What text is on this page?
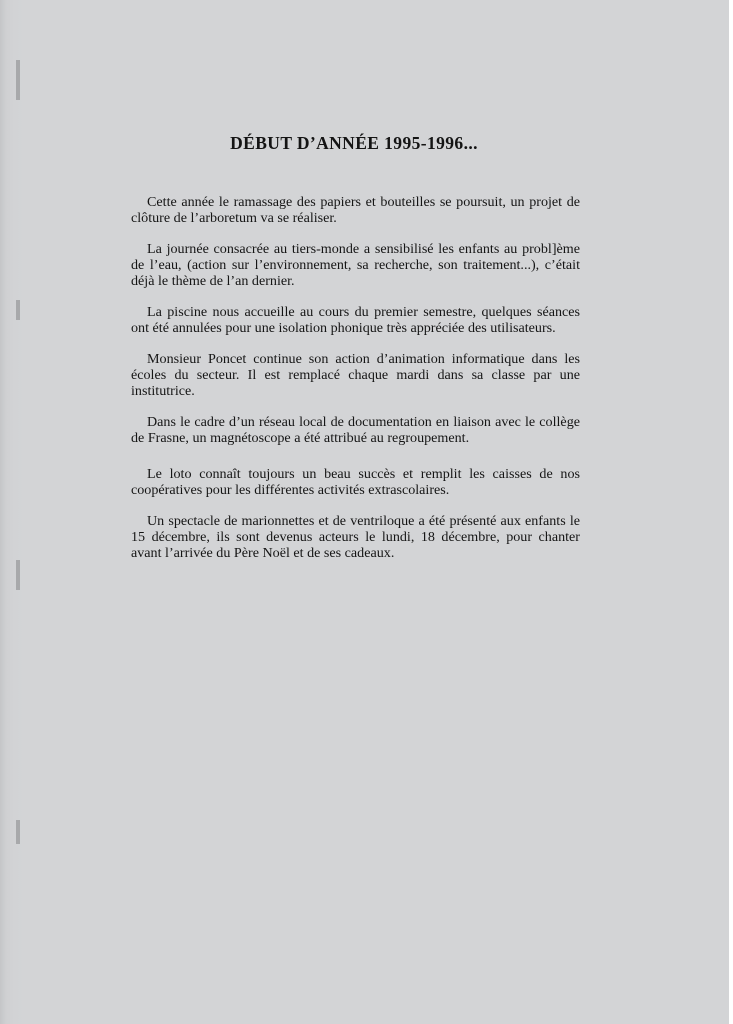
DÉBUT D’ANNÉE 1995-1996...

Cette année le ramassage des papiers et bouteilles se poursuit, un projet de clôture de l’arboretum va se réaliser.

La journée consacrée au tiers-monde a sensibilisé les enfants au probl]ème de l’eau, (action sur l’environnement, sa recherche, son traitement...), c’était déjà le thème de l’an dernier.

La piscine nous accueille au cours du premier semestre, quelques séances ont été annulées pour une isolation phonique très appréciée des utilisateurs.

Monsieur Poncet continue son action d’animation informatique dans les écoles du secteur. Il est remplacé chaque mardi dans sa classe par une institutrice.

Dans le cadre d’un réseau local de documentation en liaison avec le collège de Frasne, un magnétoscope a été attribué au regroupement.

Le loto connaît toujours un beau succès et remplit les caisses de nos coopératives pour les différentes activités extrascolaires.

Un spectacle de marionnettes et de ventriloque a été présenté aux enfants le 15 décembre, ils sont devenus acteurs le lundi, 18 décembre, pour chanter avant l’arrivée du Père Noël et de ses cadeaux.
